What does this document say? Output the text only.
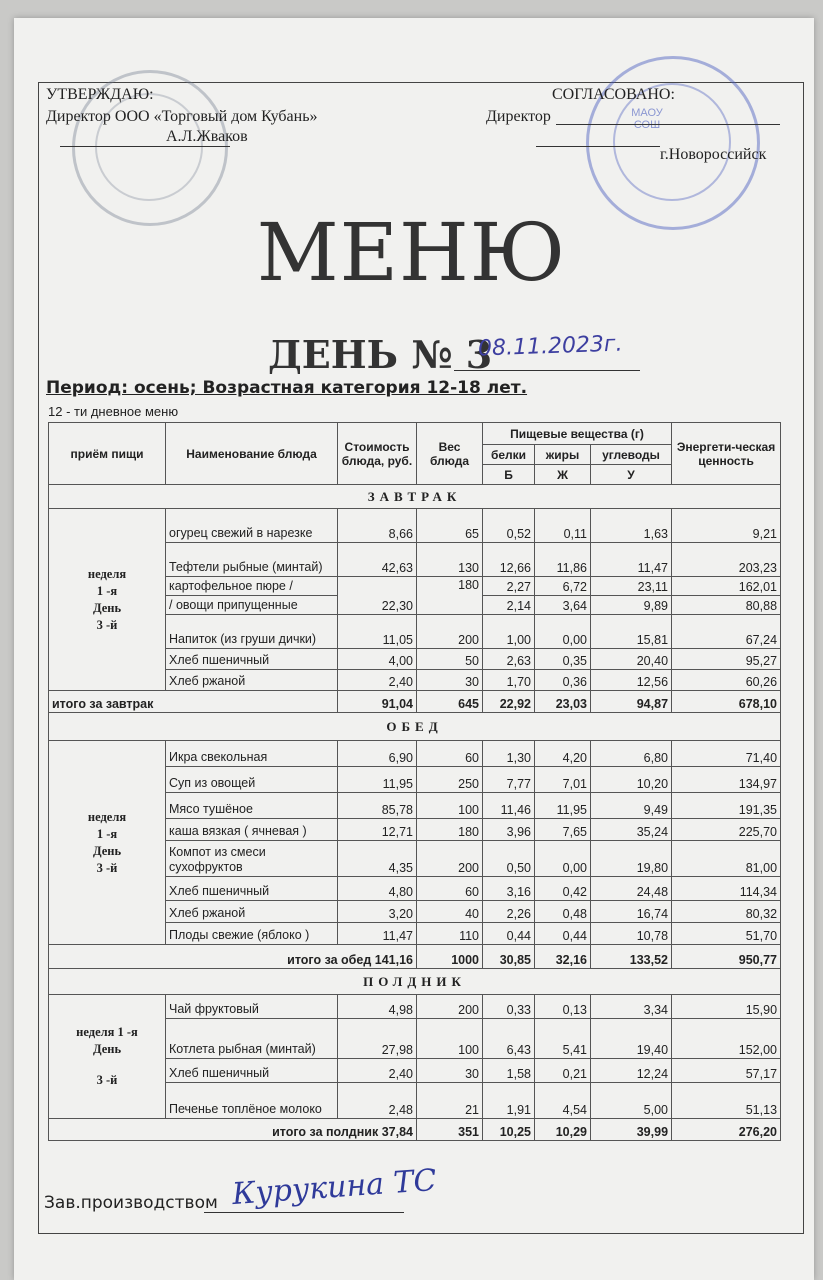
МАОУ СОШ
УТВЕРЖДАЮ:
Директор ООО «Торговый дом Кубань»
А.Л.Жваков
СОГЛАСОВАНО:
Директор
г.Новороссийск
МЕНЮ
ДЕНЬ № 3
08.11.2023г.
Период: осень; Возрастная категория 12-18 лет.
12 - ти дневное меню
приём пищи	Наименование блюда	Стоимость блюда, руб.	Вес блюда	Пищевые вещества (г)			Энергети-ческая ценность
				белки	жиры	углеводы	
				Б	Ж	У	
ЗАВТРАК							

неделя
1 -я
День
3 -й	огурец свежий в нарезке	8,66	65	0,52	0,11	1,63	9,21
	Тефтели рыбные (минтай)	42,63	130	12,66	11,86	11,47	203,23
	картофельное пюре /	22,30	180	2,27	6,72	23,11	162,01
	/ овощи припущенные			2,14	3,64	9,89	80,88
	Напиток (из груши дички)	11,05	200	1,00	0,00	15,81	67,24
	Хлеб пшеничный	4,00	50	2,63	0,35	20,40	95,27
	Хлеб ржаной	2,40	30	1,70	0,36	12,56	60,26
итого за завтрак		91,04	645	22,92	23,03	94,87	678,10
ОБЕД							

неделя
1 -я
День
3 -й	Икра свекольная	6,90	60	1,30	4,20	6,80	71,40
	Суп из овощей	11,95	250	7,77	7,01	10,20	134,97
	Мясо тушёное	85,78	100	11,46	11,95	9,49	191,35
	каша вязкая ( ячневая )	12,71	180	3,96	7,65	35,24	225,70
	Компот из смеси сухофруктов	4,35	200	0,50	0,00	19,80	81,00
	Хлеб пшеничный	4,80	60	3,16	0,42	24,48	114,34
	Хлеб ржаной	3,20	40	2,26	0,48	16,74	80,32
	Плоды свежие (яблоко )	11,47	110	0,44	0,44	10,78	51,70
итого за обед 141,16			1000	30,85	32,16	133,52	950,77
ПОЛДНИК							

неделя 1 -я
День
3 -й	Чай фруктовый	4,98	200	0,33	0,13	3,34	15,90
	Котлета рыбная (минтай)	27,98	100	6,43	5,41	19,40	152,00
	Хлеб пшеничный	2,40	30	1,58	0,21	12,24	57,17
	Печенье топлёное молоко	2,48	21	1,91	4,54	5,00	51,13
итого за полдник 37,84			351	10,25	10,29	39,99	276,20
Зав.производством Курукина ТС
